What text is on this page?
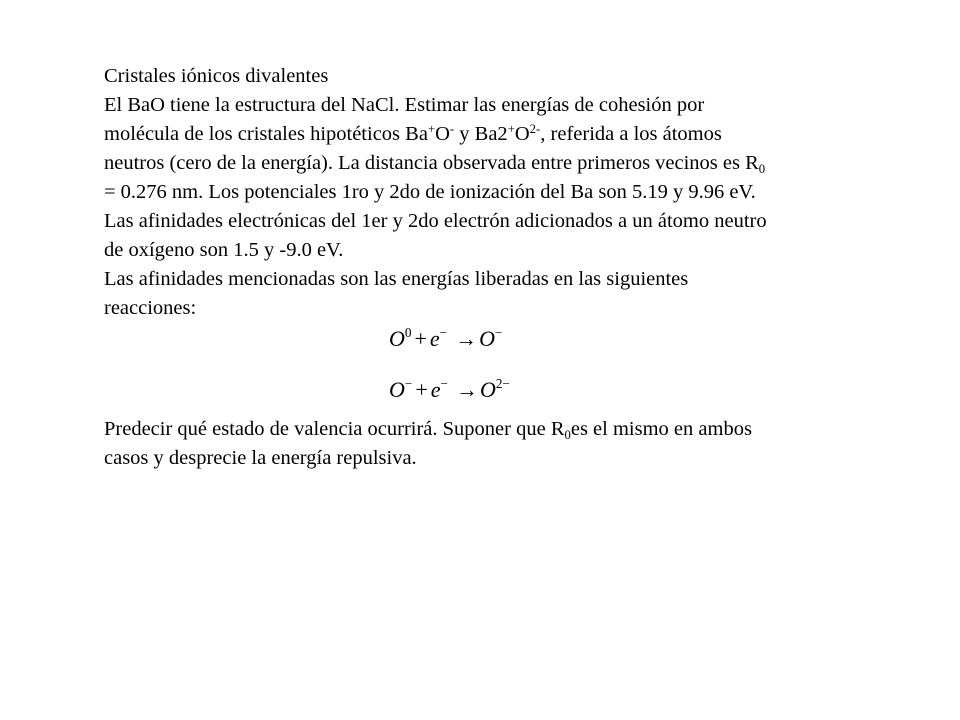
Cristales iónicos divalentes
El BaO tiene la estructura del NaCl. Estimar las energías de cohesión por
molécula de los cristales hipotéticos Ba+O- y $Ba2^+O^{2-}$, referida a los átomos
neutros (cero de la energía). La distancia observada entre primeros vecinos es $R_0$
= 0.276 nm. Los potenciales 1ro y 2do de ionización del Ba son 5.19 y 9.96 eV.
Las afinidades electrónicas del 1er y 2do electrón adicionados a un átomo neutro
de oxígeno son 1.5 y -9.0 eV.
Las afinidades mencionadas son las energías liberadas en las siguientes
reacciones:
$O^0 + e^- \to O^-$
$O^- + e^- \to O^{2-}$
Predecir qué estado de valencia ocurrirá. Suponer que $R_0es$ el mismo en ambos
casos y desprecie la energía repulsiva.
